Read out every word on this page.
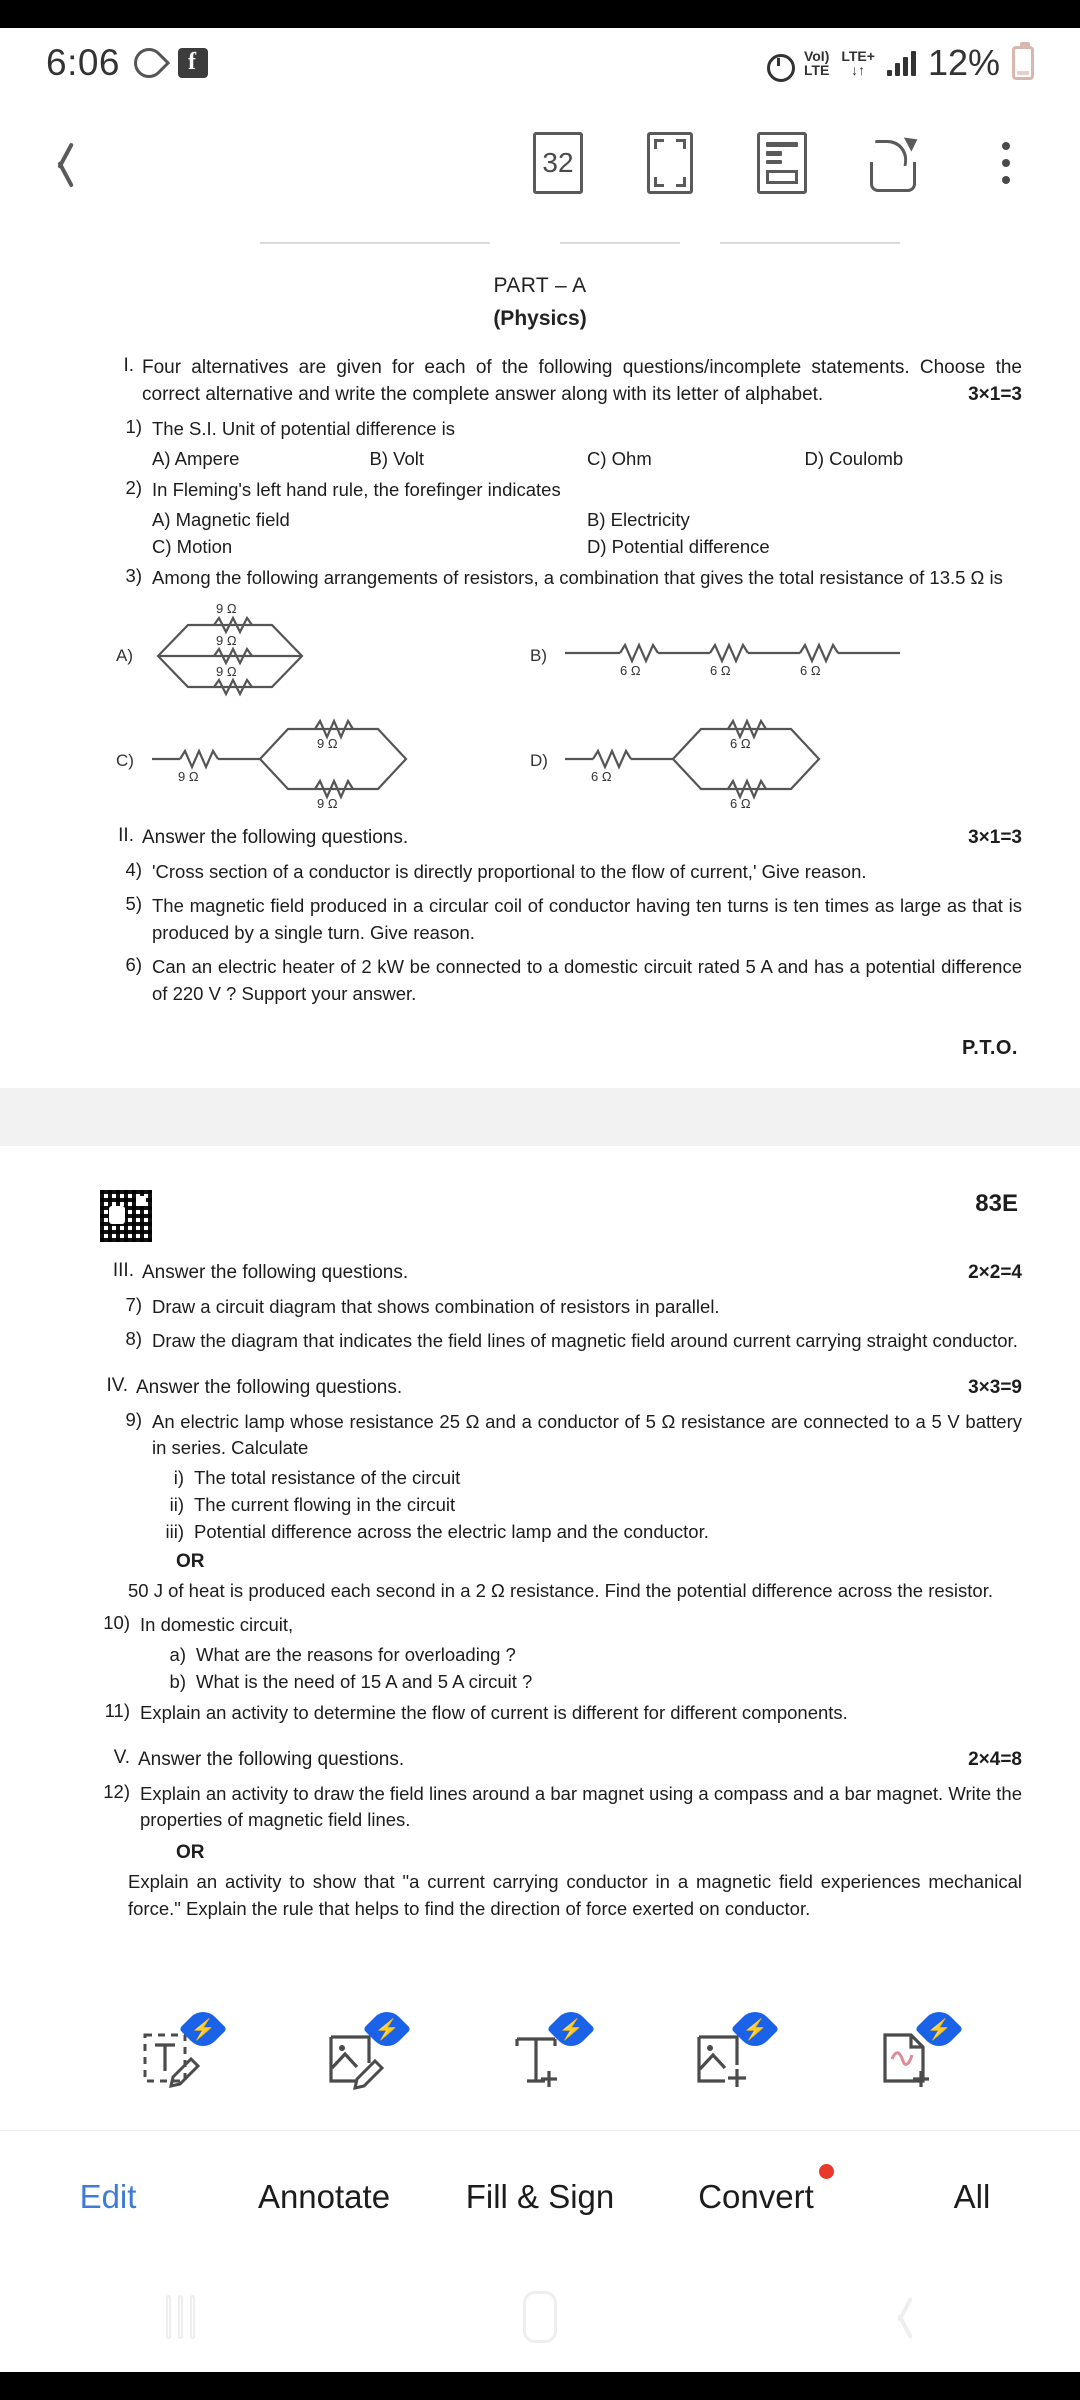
6:06 f	VoI)
LTE
LTE+
↓↑ 12%
32
PART – A
(Physics)
I. Four alternatives are given for each of the following questions/incomplete statements. Choose the correct alternative and write the complete answer along with its letter of alphabet.	3×1=3
1) The S.I. Unit of potential difference is
A) Ampere	B) Volt	C) Ohm	D) Coulomb
2) In Fleming's left hand rule, the forefinger indicates
A) Magnetic field	B) Electricity
C) Motion	D) Potential difference
3) Among the following arrangements of resistors, a combination that gives the total resistance of 13.5 Ω is
A)
9 Ω
9 Ω
9 Ω
B)
6 Ω	6 Ω	6 Ω
C)
9 Ω
9 Ω
9 Ω
D)
6 Ω
6 Ω
6 Ω
II. Answer the following questions.	3×1=3
4) 'Cross section of a conductor is directly proportional to the flow of current,' Give reason.
5) The magnetic field produced in a circular coil of conductor having ten turns is ten times as large as that is produced by a single turn. Give reason.
6) Can an electric heater of 2 kW be connected to a domestic circuit rated 5 A and has a potential difference of 220 V ? Support your answer.
P.T.O.
83E
III. Answer the following questions.	2×2=4
7) Draw a circuit diagram that shows combination of resistors in parallel.
8) Draw the diagram that indicates the field lines of magnetic field around current carrying straight conductor.
IV. Answer the following questions.	3×3=9
9) An electric lamp whose resistance 25 Ω and a conductor of 5 Ω resistance are connected to a 5 V battery in series. Calculate
i) The total resistance of the circuit
ii) The current flowing in the circuit
iii) Potential difference across the electric lamp and the conductor.
OR
50 J of heat is produced each second in a 2 Ω resistance. Find the potential difference across the resistor.
10) In domestic circuit,
a) What are the reasons for overloading ?
b) What is the need of 15 A and 5 A circuit ?
11) Explain an activity to determine the flow of current is different for different components.
V. Answer the following questions.	2×4=8
12) Explain an activity to draw the field lines around a bar magnet using a compass and a bar magnet. Write the properties of magnetic field lines.
OR
Explain an activity to show that "a current carrying conductor in a magnetic field experiences mechanical force." Explain the rule that helps to find the direction of force exerted on conductor.
⚡
⚡
⚡
⚡
⚡
Edit	Annotate	Fill & Sign	Convert	All
